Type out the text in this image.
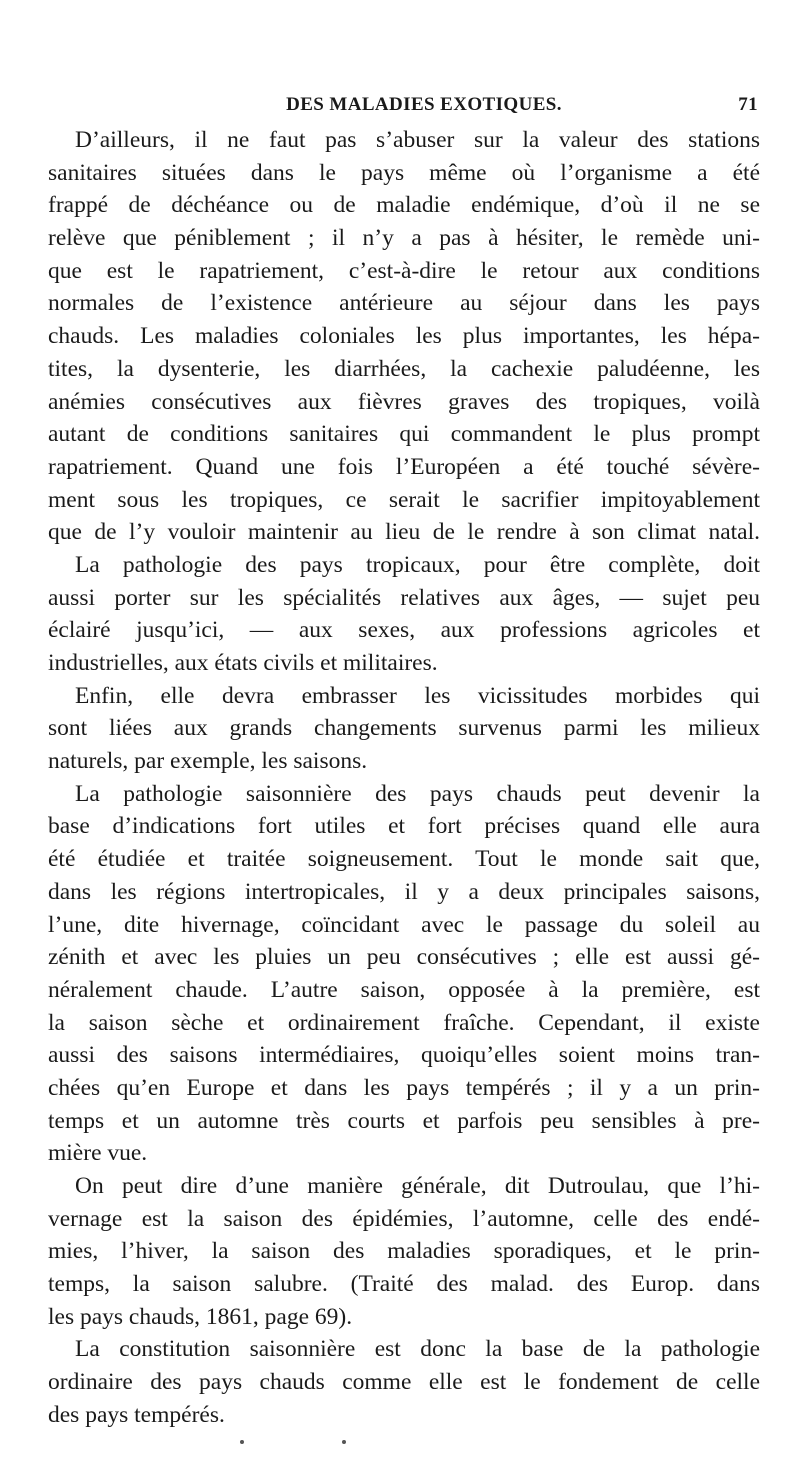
DES MALADIES EXOTIQUES.	71
D’ailleurs, il ne faut pas s’abuser sur la valeur des stations
sanitaires situées dans le pays même où l’organisme a été
frappé de déchéance ou de maladie endémique, d’où il ne se
relève que péniblement ; il n’y a pas à hésiter, le remède uni-
que est le rapatriement, c’est-à-dire le retour aux conditions
normales de l’existence antérieure au séjour dans les pays
chauds. Les maladies coloniales les plus importantes, les hépa-
tites, la dysenterie, les diarrhées, la cachexie paludéenne, les
anémies consécutives aux fièvres graves des tropiques, voilà
autant de conditions sanitaires qui commandent le plus prompt
rapatriement. Quand une fois l’Européen a été touché sévère-
ment sous les tropiques, ce serait le sacrifier impitoyablement
que de l’y vouloir maintenir au lieu de le rendre à son climat natal.
La pathologie des pays tropicaux, pour être complète, doit
aussi porter sur les spécialités relatives aux âges, — sujet peu
éclairé jusqu’ici, — aux sexes, aux professions agricoles et
industrielles, aux états civils et militaires.
Enfin, elle devra embrasser les vicissitudes morbides qui
sont liées aux grands changements survenus parmi les milieux
naturels, par exemple, les saisons.
La pathologie saisonnière des pays chauds peut devenir la
base d’indications fort utiles et fort précises quand elle aura
été étudiée et traitée soigneusement. Tout le monde sait que,
dans les régions intertropicales, il y a deux principales saisons,
l’une, dite hivernage, coïncidant avec le passage du soleil au
zénith et avec les pluies un peu consécutives ; elle est aussi gé-
néralement chaude. L’autre saison, opposée à la première, est
la saison sèche et ordinairement fraîche. Cependant, il existe
aussi des saisons intermédiaires, quoiqu’elles soient moins tran-
chées qu’en Europe et dans les pays tempérés ; il y a un prin-
temps et un automne très courts et parfois peu sensibles à pre-
mière vue.
On peut dire d’une manière générale, dit Dutroulau, que l’hi-
vernage est la saison des épidémies, l’automne, celle des endé-
mies, l’hiver, la saison des maladies sporadiques, et le prin-
temps, la saison salubre. (Traité des malad. des Europ. dans
les pays chauds, 1861, page 69).
La constitution saisonnière est donc la base de la pathologie
ordinaire des pays chauds comme elle est le fondement de celle
des pays tempérés.
